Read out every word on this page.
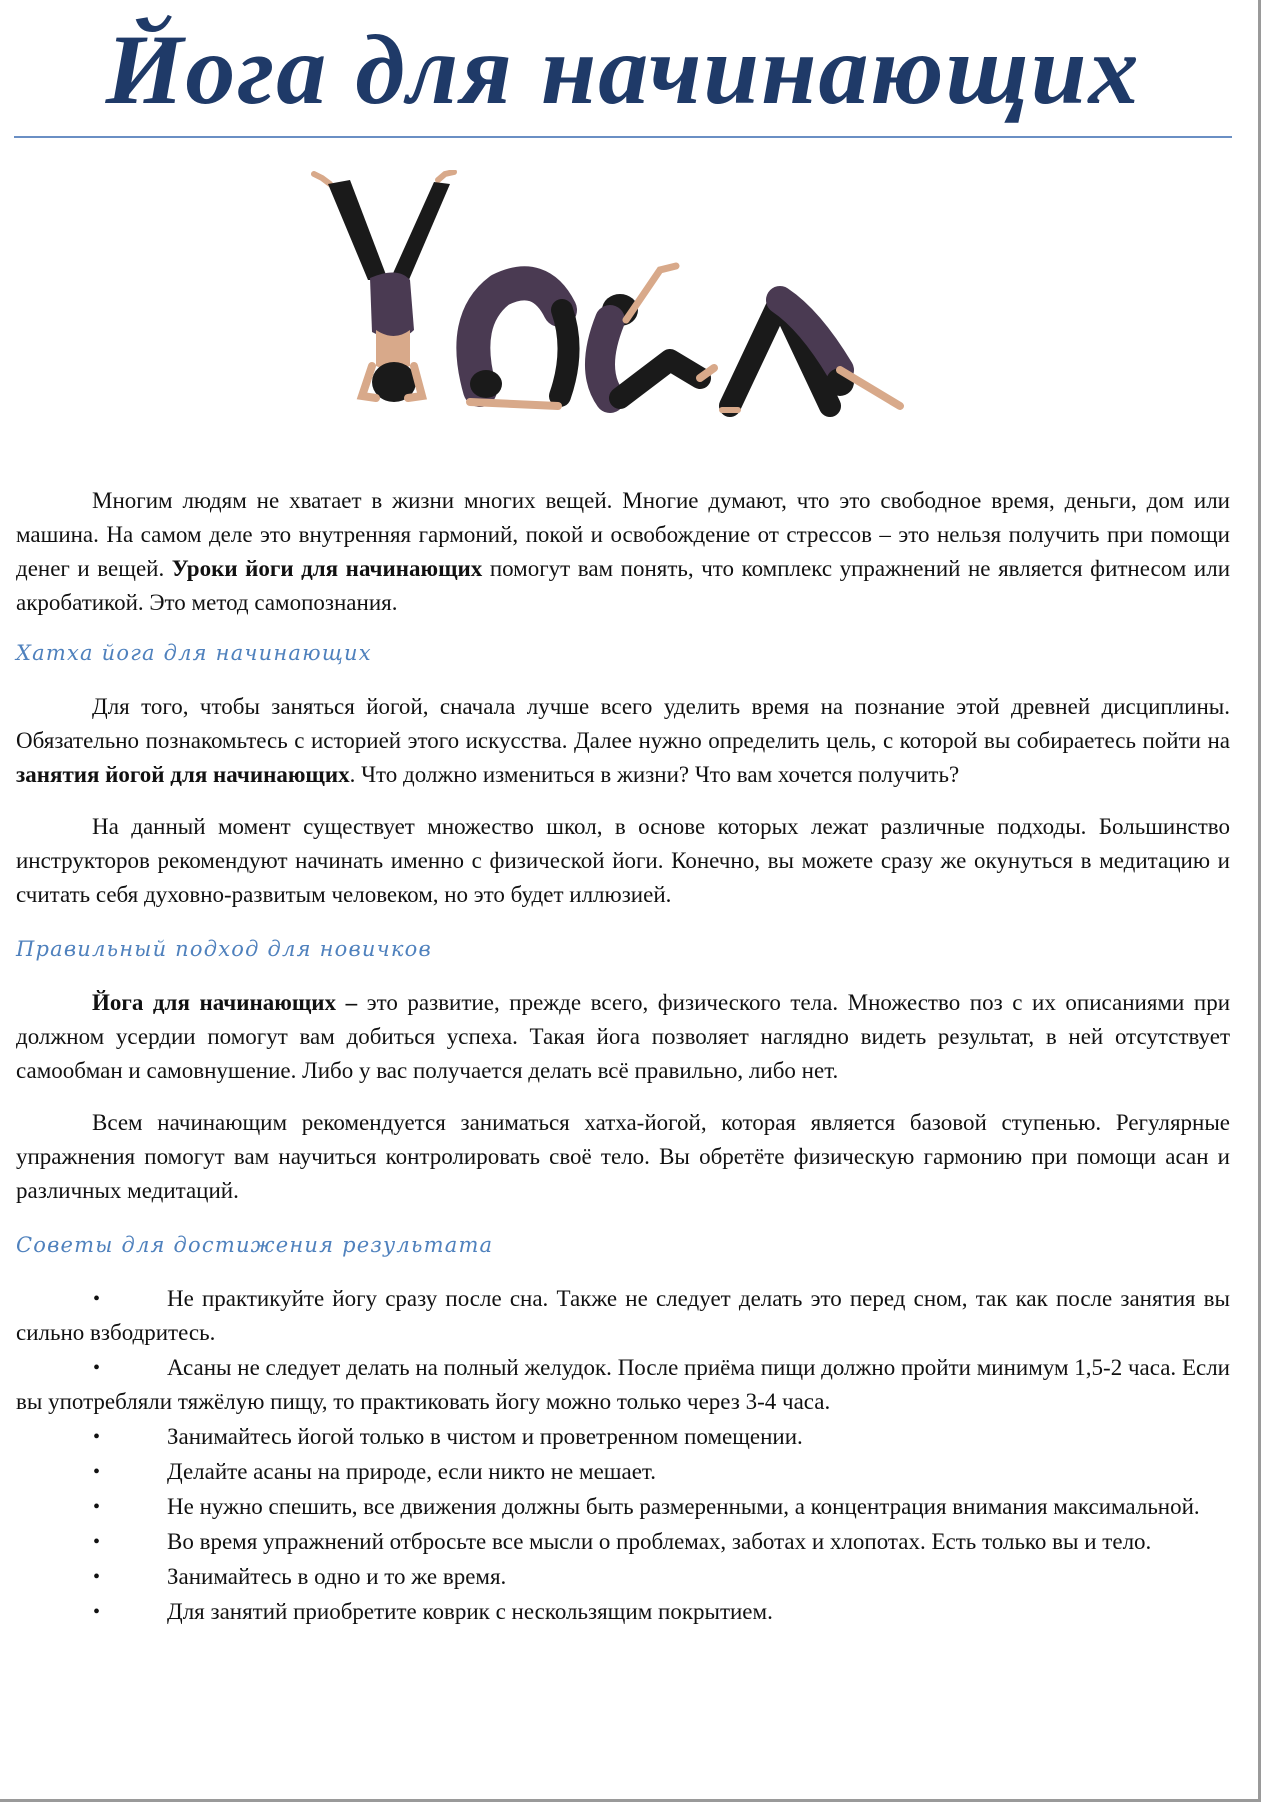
Йога для начинающих

Многим людям не хватает в жизни многих вещей. Многие думают, что это свободное время, деньги, дом или машина. На самом деле это внутренняя гармоний, покой и освобождение от стрессов – это нельзя получить при помощи денег и вещей. Уроки йоги для начинающих помогут вам понять, что комплекс упражнений не является фитнесом или акробатикой. Это метод самопознания.

Хатха йога для начинающих

Для того, чтобы заняться йогой, сначала лучше всего уделить время на познание этой древней дисциплины. Обязательно познакомьтесь с историей этого искусства. Далее нужно определить цель, с которой вы собираетесь пойти на занятия йогой для начинающих. Что должно измениться в жизни? Что вам хочется получить?

На данный момент существует множество школ, в основе которых лежат различные подходы. Большинство инструкторов рекомендуют начинать именно с физической йоги. Конечно, вы можете сразу же окунуться в медитацию и считать себя духовно-развитым человеком, но это будет иллюзией.

Правильный подход для новичков

Йога для начинающих – это развитие, прежде всего, физического тела. Множество поз с их описаниями при должном усердии помогут вам добиться успеха. Такая йога позволяет наглядно видеть результат, в ней отсутствует самообман и самовнушение. Либо у вас получается делать всё правильно, либо нет.

Всем начинающим рекомендуется заниматься хатха-йогой, которая является базовой ступенью. Регулярные упражнения помогут вам научиться контролировать своё тело. Вы обретёте физическую гармонию при помощи асан и различных медитаций.

Советы для достижения результата
•	Не практикуйте йогу сразу после сна. Также не следует делать это перед сном, так как после занятия вы сильно взбодритесь.
•	Асаны не следует делать на полный желудок. После приёма пищи должно пройти минимум 1,5-2 часа. Если вы употребляли тяжёлую пищу, то практиковать йогу можно только через 3-4 часа.
•	Занимайтесь йогой только в чистом и проветренном помещении.
•	Делайте асаны на природе, если никто не мешает.
•	Не нужно спешить, все движения должны быть размеренными, а концентрация внимания максимальной.
•	Во время упражнений отбросьте все мысли о проблемах, заботах и хлопотах. Есть только вы и тело.
•	Занимайтесь в одно и то же время.
•	Для занятий приобретите коврик с нескользящим покрытием.
